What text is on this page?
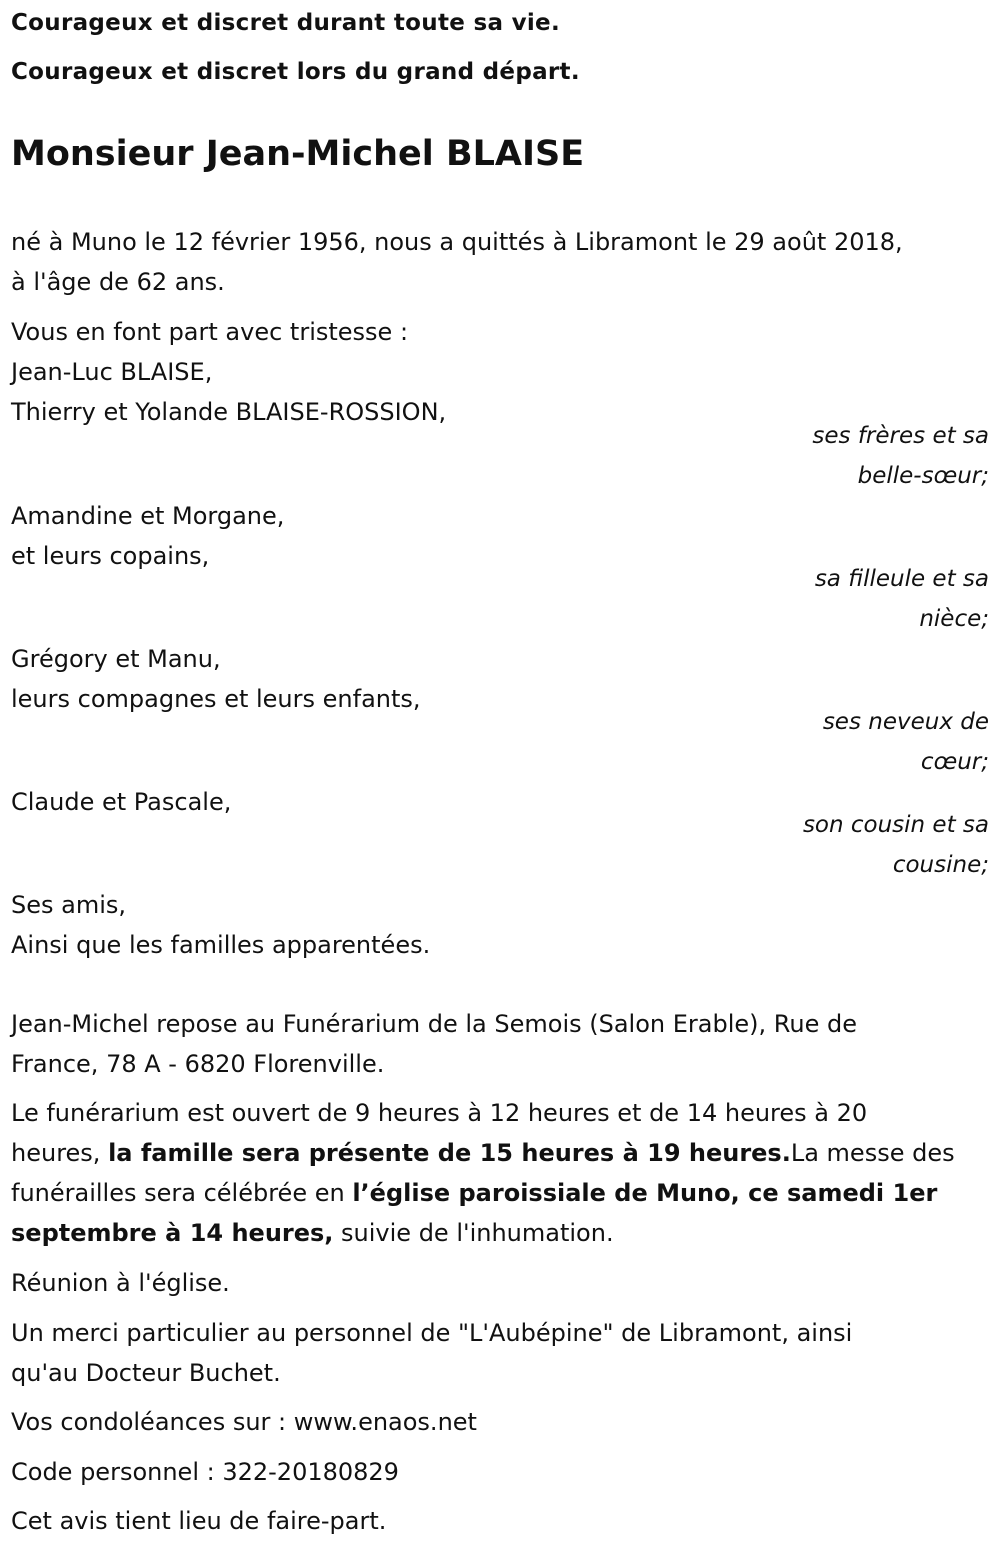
Courageux et discret durant toute sa vie.

Courageux et discret lors du grand départ.

Monsieur Jean-Michel BLAISE

né à Muno le 12 février 1956, nous a quittés à Libramont le 29 août 2018,
à l'âge de 62 ans.

Vous en font part avec tristesse :
Jean-Luc BLAISE,
Thierry et Yolande BLAISE-ROSSION,

ses frères et sa
belle-sœur;

Amandine et Morgane,
et leurs copains,

sa filleule et sa
nièce;

Grégory et Manu,
leurs compagnes et leurs enfants,

ses neveux de
cœur;

Claude et Pascale,

son cousin et sa
cousine;

Ses amis,
Ainsi que les familles apparentées.

Jean-Michel repose au Funérarium de la Semois (Salon Erable), Rue de
France, 78 A - 6820 Florenville.

Le funérarium est ouvert de 9 heures à 12 heures et de 14 heures à 20
heures, la famille sera présente de 15 heures à 19 heures.La messe des
funérailles sera célébrée en l’église paroissiale de Muno, ce samedi 1er
septembre à 14 heures, suivie de l'inhumation.

Réunion à l'église.

Un merci particulier au personnel de "L'Aubépine" de Libramont, ainsi
qu'au Docteur Buchet.

Vos condoléances sur : www.enaos.net

Code personnel : 322-20180829

Cet avis tient lieu de faire-part.
